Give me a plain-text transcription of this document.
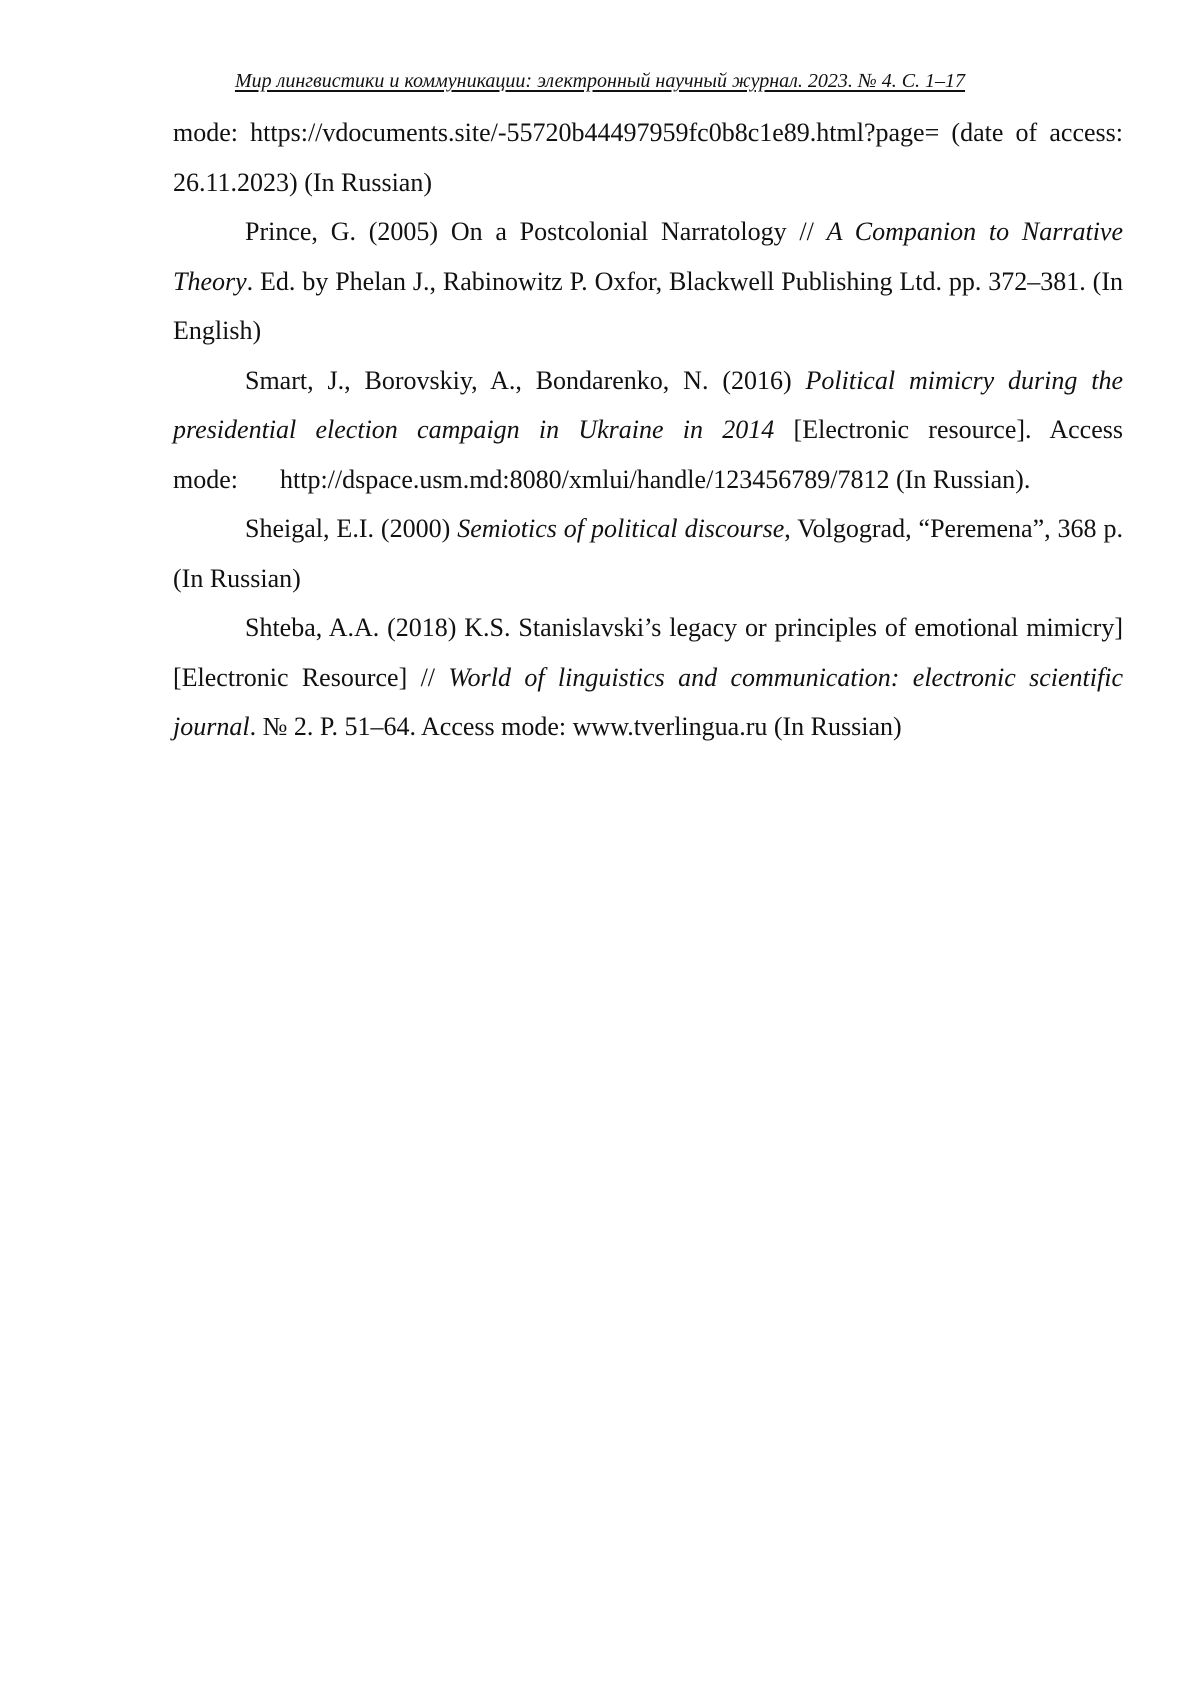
Мир лингвистики и коммуникации: электронный научный журнал. 2023. № 4. С. 1–17

mode: https://vdocuments.site/-55720b44497959fc0b8c1e89.html?page= (date of access: 26.11.2023) (In Russian)

Prince, G. (2005) On a Postcolonial Narratology // A Companion to Narrative Theory. Ed. by Phelan J., Rabinowitz P. Oxfor, Blackwell Publishing Ltd. pp. 372–381. (In English)

Smart, J., Borovskiy, A., Bondarenko, N. (2016) Political mimicry during the presidential election campaign in Ukraine in 2014 [Electronic resource]. Access mode: http://dspace.usm.md:8080/xmlui/handle/123456789/7812 (In Russian).

Sheigal, E.I. (2000) Semiotics of political discourse, Volgograd, “Peremena”, 368 p. (In Russian)

Shteba, A.A. (2018) K.S. Stanislavski’s legacy or principles of emotional mimicry] [Electronic Resource] // World of linguistics and communication: electronic scientific journal. № 2. P. 51–64. Access mode: www.tverlingua.ru (In Russian)
